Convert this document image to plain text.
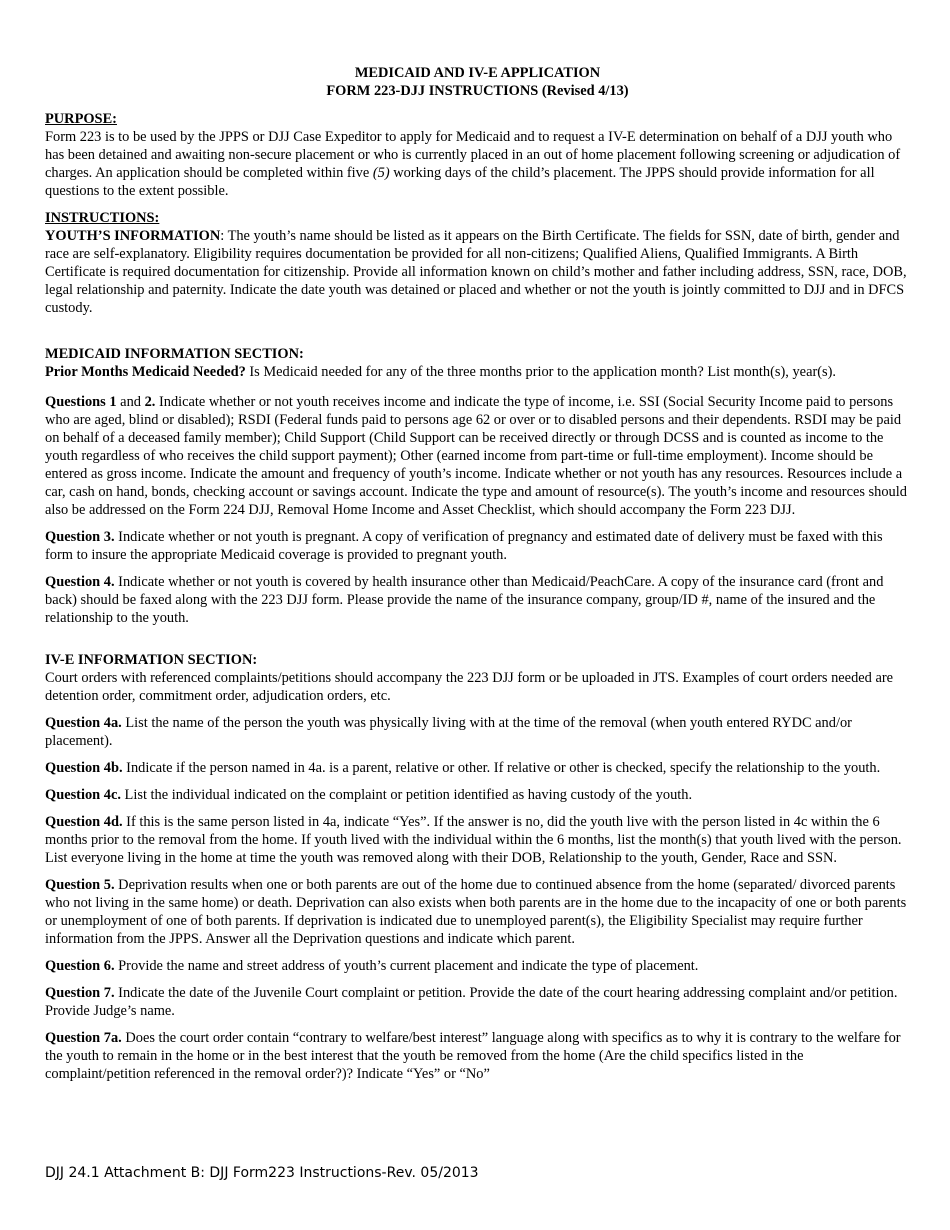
MEDICAID AND IV-E APPLICATION
FORM 223-DJJ INSTRUCTIONS (Revised 4/13)
PURPOSE:

Form 223 is to be used by the JPPS or DJJ Case Expeditor to apply for Medicaid and to request a IV-E determination on behalf of a DJJ youth who has been detained and awaiting non-secure placement or who is currently placed in an out of home placement following screening or adjudication of charges. An application should be completed within five (5) working days of the child’s placement. The JPPS should provide information for all questions to the extent possible.

INSTRUCTIONS:

YOUTH’S INFORMATION: The youth’s name should be listed as it appears on the Birth Certificate. The fields for SSN, date of birth, gender and race are self-explanatory. Eligibility requires documentation be provided for all non-citizens; Qualified Aliens, Qualified Immigrants. A Birth Certificate is required documentation for citizenship. Provide all information known on child’s mother and father including address, SSN, race, DOB, legal relationship and paternity. Indicate the date youth was detained or placed and whether or not the youth is jointly committed to DJJ and in DFCS custody.

MEDICAID INFORMATION SECTION:

Prior Months Medicaid Needed? Is Medicaid needed for any of the three months prior to the application month? List month(s), year(s).

Questions 1 and 2. Indicate whether or not youth receives income and indicate the type of income, i.e. SSI (Social Security Income paid to persons who are aged, blind or disabled); RSDI (Federal funds paid to persons age 62 or over or to disabled persons and their dependents. RSDI may be paid on behalf of a deceased family member); Child Support (Child Support can be received directly or through DCSS and is counted as income to the youth regardless of who receives the child support payment); Other (earned income from part-time or full-time employment). Income should be entered as gross income. Indicate the amount and frequency of youth’s income. Indicate whether or not youth has any resources. Resources include a car, cash on hand, bonds, checking account or savings account. Indicate the type and amount of resource(s). The youth’s income and resources should also be addressed on the Form 224 DJJ, Removal Home Income and Asset Checklist, which should accompany the Form 223 DJJ.

Question 3. Indicate whether or not youth is pregnant. A copy of verification of pregnancy and estimated date of delivery must be faxed with this form to insure the appropriate Medicaid coverage is provided to pregnant youth.

Question 4. Indicate whether or not youth is covered by health insurance other than Medicaid/PeachCare. A copy of the insurance card (front and back) should be faxed along with the 223 DJJ form. Please provide the name of the insurance company, group/ID #, name of the insured and the relationship to the youth.

IV-E INFORMATION SECTION:

Court orders with referenced complaints/petitions should accompany the 223 DJJ form or be uploaded in JTS. Examples of court orders needed are detention order, commitment order, adjudication orders, etc.

Question 4a. List the name of the person the youth was physically living with at the time of the removal (when youth entered RYDC and/or placement).

Question 4b. Indicate if the person named in 4a. is a parent, relative or other. If relative or other is checked, specify the relationship to the youth.

Question 4c. List the individual indicated on the complaint or petition identified as having custody of the youth.

Question 4d. If this is the same person listed in 4a, indicate “Yes”. If the answer is no, did the youth live with the person listed in 4c within the 6 months prior to the removal from the home. If youth lived with the individual within the 6 months, list the month(s) that youth lived with the person. List everyone living in the home at time the youth was removed along with their DOB, Relationship to the youth, Gender, Race and SSN.

Question 5. Deprivation results when one or both parents are out of the home due to continued absence from the home (separated/ divorced parents who not living in the same home) or death. Deprivation can also exists when both parents are in the home due to the incapacity of one or both parents or unemployment of one of both parents. If deprivation is indicated due to unemployed parent(s), the Eligibility Specialist may require further information from the JPPS. Answer all the Deprivation questions and indicate which parent.

Question 6. Provide the name and street address of youth’s current placement and indicate the type of placement.

Question 7. Indicate the date of the Juvenile Court complaint or petition. Provide the date of the court hearing addressing complaint and/or petition. Provide Judge’s name.

Question 7a. Does the court order contain “contrary to welfare/best interest” language along with specifics as to why it is contrary to the welfare for the youth to remain in the home or in the best interest that the youth be removed from the home (Are the child specifics listed in the complaint/petition referenced in the removal order?)? Indicate “Yes” or “No”

DJJ 24.1 Attachment B: DJJ Form223 Instructions-Rev. 05/2013
